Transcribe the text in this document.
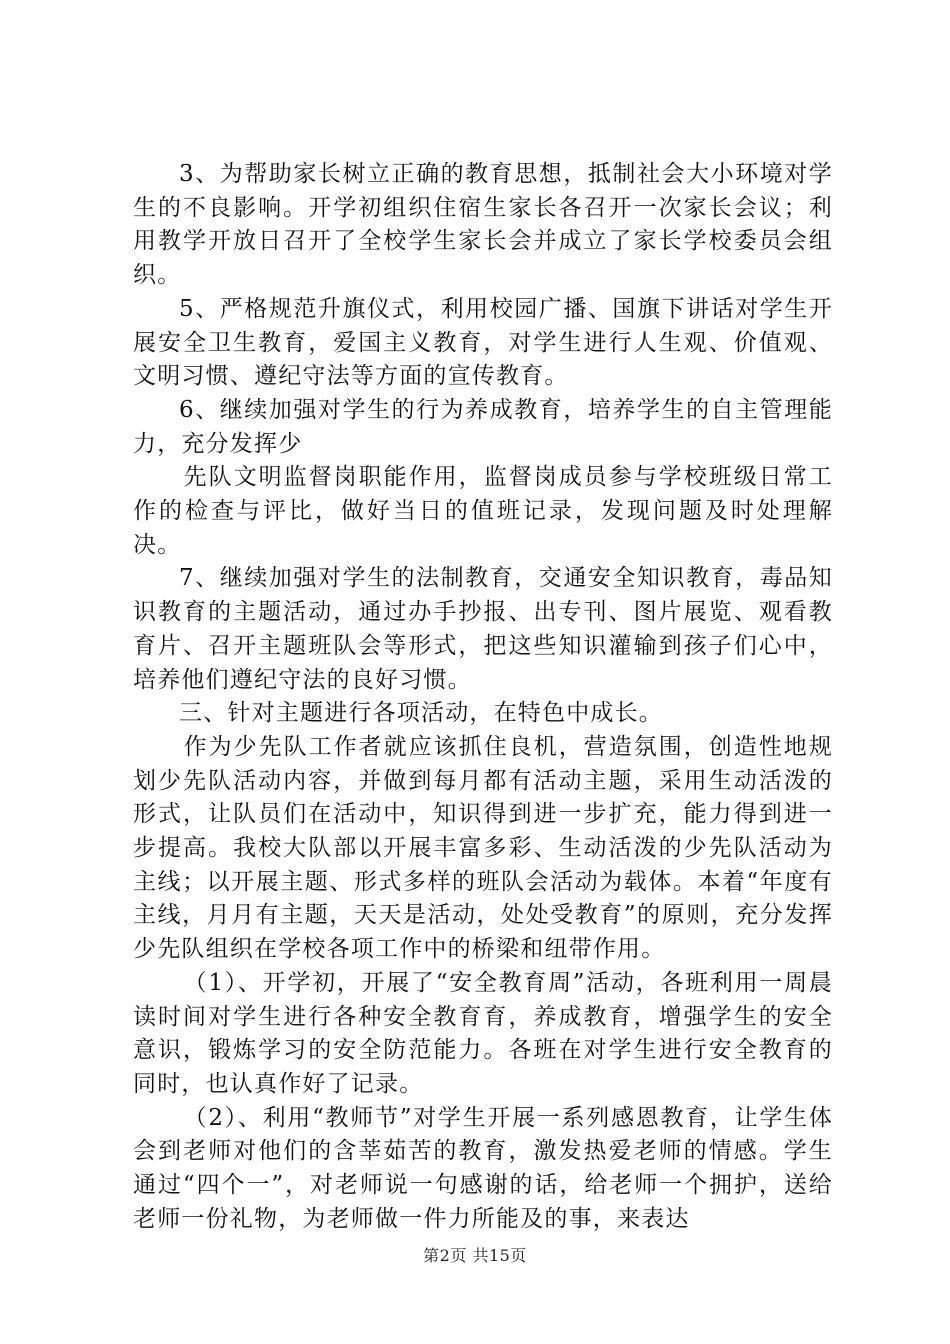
3、为帮助家长树立正确的教育思想，抵制社会大小环境对学生的不良影响。开学初组织住宿生家长各召开一次家长会议；利用教学开放日召开了全校学生家长会并成立了家长学校委员会组织。

5、严格规范升旗仪式，利用校园广播、国旗下讲话对学生开展安全卫生教育，爱国主义教育，对学生进行人生观、价值观、文明习惯、遵纪守法等方面的宣传教育。

6、继续加强对学生的行为养成教育，培养学生的自主管理能力，充分发挥少

先队文明监督岗职能作用，监督岗成员参与学校班级日常工作的检查与评比，做好当日的值班记录，发现问题及时处理解决。

7、继续加强对学生的法制教育，交通安全知识教育，毒品知识教育的主题活动，通过办手抄报、出专刊、图片展览、观看教育片、召开主题班队会等形式，把这些知识灌输到孩子们心中，培养他们遵纪守法的良好习惯。

三、针对主题进行各项活动，在特色中成长。

作为少先队工作者就应该抓住良机，营造氛围，创造性地规划少先队活动内容，并做到每月都有活动主题，采用生动活泼的形式，让队员们在活动中，知识得到进一步扩充，能力得到进一步提高。我校大队部以开展丰富多彩、生动活泼的少先队活动为主线；以开展主题、形式多样的班队会活动为载体。本着“年度有主线，月月有主题，天天是活动，处处受教育”的原则，充分发挥少先队组织在学校各项工作中的桥梁和纽带作用。

（1）、开学初，开展了“安全教育周”活动，各班利用一周晨读时间对学生进行各种安全教育育，养成教育，增强学生的安全意识，锻炼学习的安全防范能力。各班在对学生进行安全教育的同时，也认真作好了记录。

（2）、利用“教师节”对学生开展一系列感恩教育，让学生体会到老师对他们的含莘茹苦的教育，激发热爱老师的情感。学生通过“四个一”，对老师说一句感谢的话，给老师一个拥护，送给老师一份礼物，为老师做一件力所能及的事，来表达

第2页 共15页
